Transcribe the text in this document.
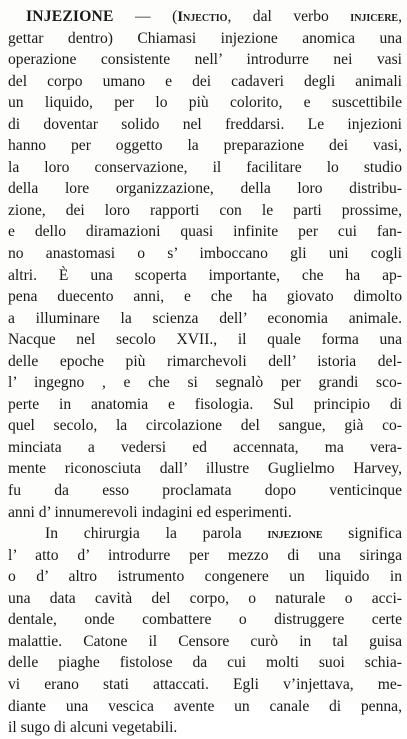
INJEZIONE — (Injectio, dal verbo injicere,
gettar dentro) Chiamasi injezione anomica una
operazione consistente nell’ introdurre nei vasi
del corpo umano e dei cadaveri degli animali
un liquido, per lo più colorito, e suscettibile
di doventar solido nel freddarsi. Le injezioni
hanno per oggetto la preparazione dei vasi,
la loro conservazione, il facilitare lo studio
della lore organizzazione, della loro distribu-
zione, dei loro rapporti con le parti prossime,
e dello diramazioni quasi infinite per cui fan-
no anastomasi o s’ imboccano gli uni cogli
altri. È una scoperta importante, che ha ap-
pena duecento anni, e che ha giovato dimolto
a illuminare la scienza dell’ economia animale.
Nacque nel secolo XVII., il quale forma una
delle epoche più rimarchevoli dell’ istoria del-
l’ ingegno , e che si segnalò per grandi sco-
perte in anatomia e fisologia. Sul principio di
quel secolo, la circolazione del sangue, già co-
minciata a vedersi ed accennata, ma vera-
mente riconosciuta dall’ illustre Guglielmo Harvey,
fu da esso proclamata dopo venticinque
anni d’ innumerevoli indagini ed esperimenti.
In chirurgia la parola injezione significa
l’ atto d’ introdurre per mezzo di una siringa
o d’ altro istrumento congenere un liquido in
una data cavità del corpo, o naturale o acci-
dentale, onde combattere o distruggere certe
malattie. Catone il Censore curò in tal guisa
delle piaghe fistolose da cui molti suoi schia-
vi erano stati attaccati. Egli v’injettava, me-
diante una vescica avente un canale di penna,
il sugo di alcuni vegetabili.
